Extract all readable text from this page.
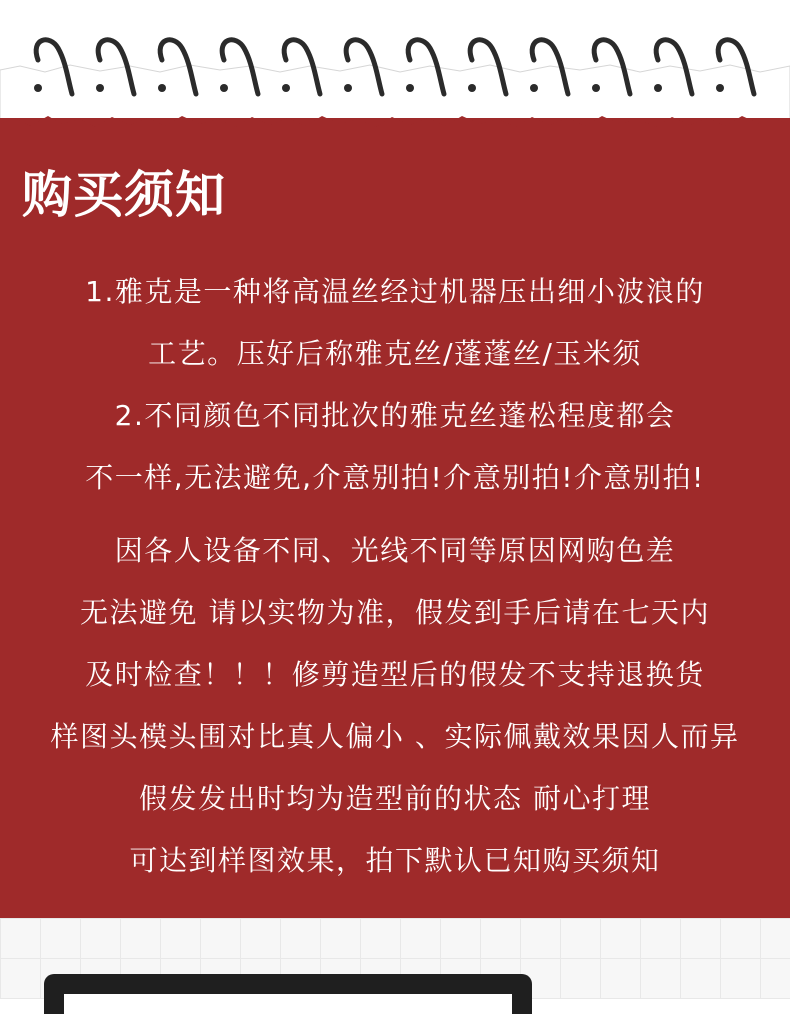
购买须知
1.雅克是一种将高温丝经过机器压出细小波浪的
工艺。压好后称雅克丝/蓬蓬丝/玉米须
2.不同颜色不同批次的雅克丝蓬松程度都会
不一样,无法避免,介意别拍!介意别拍!介意别拍!
因各人设备不同、光线不同等原因网购色差
无法避免 请以实物为准，假发到手后请在七天内
及时检查！！！修剪造型后的假发不支持退换货
样图头模头围对比真人偏小 、实际佩戴效果因人而异
假发发出时均为造型前的状态 耐心打理
可达到样图效果，拍下默认已知购买须知
